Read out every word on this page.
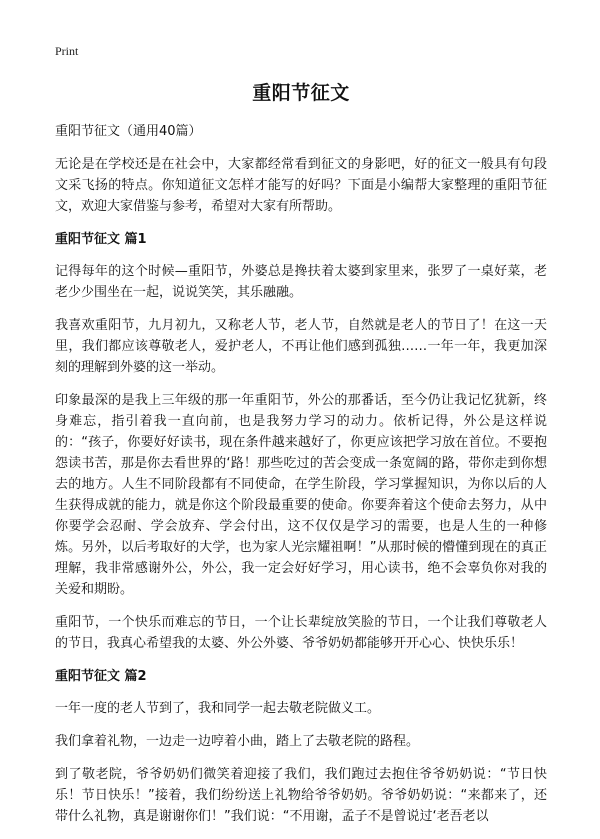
Print
重阳节征文
重阳节征文（通用40篇）

无论是在学校还是在社会中，大家都经常看到征文的身影吧，好的征文一般具有句段文采飞扬的特点。你知道征文怎样才能写的好吗？下面是小编帮大家整理的重阳节征文，欢迎大家借鉴与参考，希望对大家有所帮助。

重阳节征文 篇1

记得每年的这个时候—重阳节，外婆总是搀扶着太婆到家里来，张罗了一桌好菜，老老少少围坐在一起，说说笑笑，其乐融融。

我喜欢重阳节，九月初九，又称老人节，老人节，自然就是老人的节日了！在这一天里，我们都应该尊敬老人，爱护老人，不再让他们感到孤独……一年一年，我更加深刻的理解到外婆的这一举动。

印象最深的是我上三年级的那一年重阳节，外公的那番话，至今仍让我记忆犹新，终身难忘，指引着我一直向前，也是我努力学习的动力。依析记得，外公是这样说的：“孩子，你要好好读书，现在条件越来越好了，你更应该把学习放在首位。不要抱怨读书苦，那是你去看世界的‘路！那些吃过的苦会变成一条宽阔的路，带你走到你想去的地方。人生不同阶段都有不同使命，在学生阶段，学习掌握知识，为你以后的人生获得成就的能力，就是你这个阶段最重要的使命。你要奔着这个使命去努力，从中你要学会忍耐、学会放弃、学会付出，这不仅仅是学习的需要，也是人生的一种修炼。另外，以后考取好的大学，也为家人光宗耀祖啊！”从那时候的懵懂到现在的真正理解，我非常感谢外公，外公，我一定会好好学习，用心读书，绝不会辜负你对我的关爱和期盼。

重阳节，一个快乐而难忘的节日，一个让长辈绽放笑脸的节日，一个让我们尊敬老人的节日，我真心希望我的太婆、外公外婆、爷爷奶奶都能够开开心心、快快乐乐！

重阳节征文 篇2

一年一度的老人节到了，我和同学一起去敬老院做义工。

我们拿着礼物，一边走一边哼着小曲，踏上了去敬老院的路程。

到了敬老院，爷爷奶奶们微笑着迎接了我们，我们跑过去抱住爷爷奶奶说：“节日快乐！节日快乐！”接着，我们纷纷送上礼物给爷爷奶奶。爷爷奶奶说：“来都来了，还带什么礼物，真是谢谢你们！”我们说：“不用谢，孟子不是曾说过‘老吾老以
